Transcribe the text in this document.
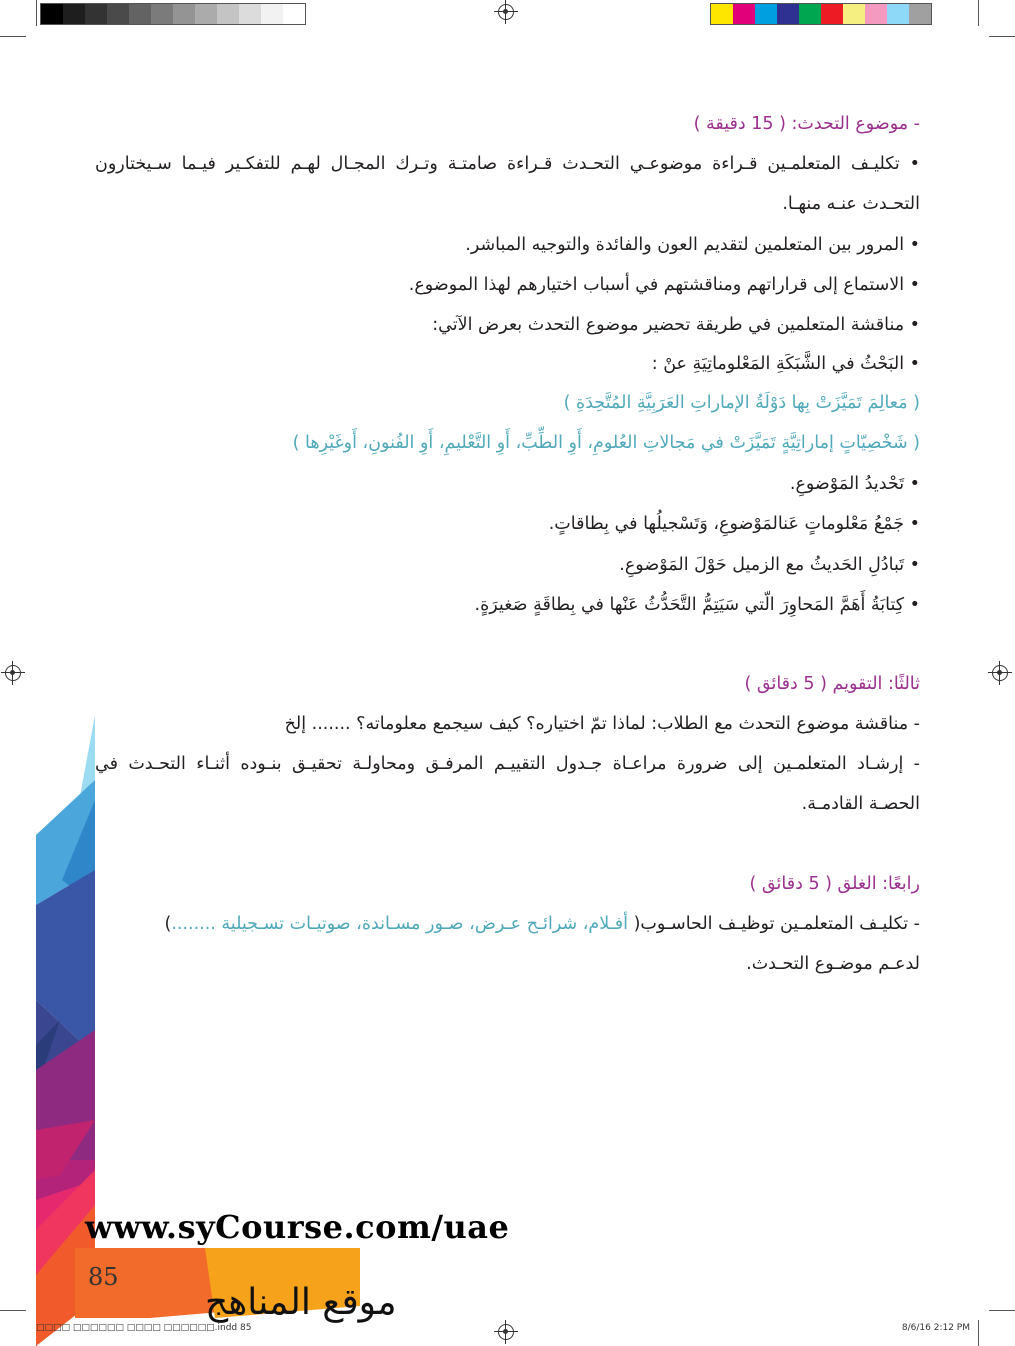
- موضوع التحدث: ( 15 دقيقة )
• تكليـف المتعلمـين قـراءة موضوعـي التحـدث قـراءة صامتـة وتـرك المجـال لهـم للتفكـير فيـما سـيختارون
التحـدث عنـه منهـا.
• المرور بين المتعلمين لتقديم العون والفائدة والتوجيه المباشر.
• الاستماع إلى قراراتهم ومناقشتهم في أسباب اختيارهم لهذا الموضوع.
• مناقشة المتعلمين في طريقة تحضير موضوع التحدث بعرض الآتي:
• البَحْثُ في الشَّبَكَةِ المَعْلوماتِيَةِ عنْ :
( مَعالِمَ تَمَيَّزَتْ بِها دَوْلَةُ الإماراتِ العَرَبِيَّةِ المُتَّحِدَةِ )
( شَخْصِيّاتٍ إماراتِيَّةٍ تَمَيَّزَتْ في مَجالاتِ العُلومِ، أَوِ الطِّبِّ، أَوِ التَّعْليمِ، أَوِ الفُنونِ، أَوغَيْرِها )
• تَحْديدُ المَوْضوعِ.
• جَمْعُ مَعْلوماتٍ عَنالمَوْضوعِ، وَتَسْجيلُها في بِطاقاتٍ.
• تَبادُلِ الحَديثُ مع الزميل حَوْلَ المَوْضوعِ.
• كِتابَةُ أَهَمَّ المَحاوِرَ الّتي سَيَتِمُّ التَّحَدُّثُ عَنْها في بِطاقَةٍ صَغيرَةٍ.
ثالثًا: التقويم ( 5 دقائق )
- مناقشة موضوع التحدث مع الطلاب: لماذا تمّ اختياره؟ كيف سيجمع معلوماته؟ ....... إلخ
- إرشـاد المتعلمـين إلى ضرورة مراعـاة جـدول التقييـم المرفـق ومحاولـة تحقيـق بنـوده أثنـاء التحـدث في
الحصـة القادمـة.
رابعًا: الغلق ( 5 دقائق )
- تكليـف المتعلمـين توظيـف الحاسـوب( أفـلام، شرائـح عـرض، صـور مسـاندة، صوتيـات تسـجيلية ........)
لدعـم موضـوع التحـدث.
www.syCourse.com/uae
85
موقع المناهج
□□□□ □□□□□□ □□□□ □□□□□□.indd 85	8/6/16 2:12 PM
